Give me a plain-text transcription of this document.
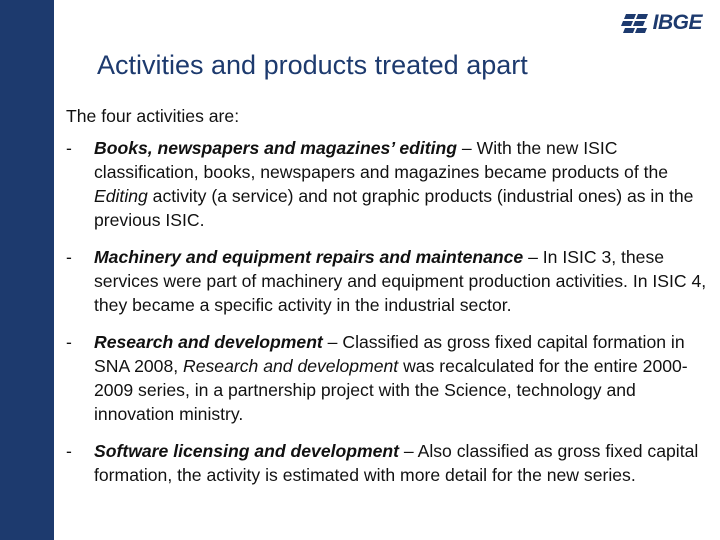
IBGE
Activities and products treated apart

The four activities are:

-	Books, newspapers and magazines’ editing – With the new ISIC classification, books, newspapers and magazines became products of the Editing activity (a service) and not graphic products (industrial ones) as in the previous ISIC.
-	Machinery and equipment repairs and maintenance – In ISIC 3, these services were part of machinery and equipment production activities. In ISIC 4, they became a specific activity in the industrial sector.
-	Research and development – Classified as gross fixed capital formation in SNA 2008, Research and development was recalculated for the entire 2000-2009 series, in a partnership project with the Science, technology and innovation ministry.
-	Software licensing and development – Also classified as gross fixed capital formation, the activity is estimated with more detail for the new series.
